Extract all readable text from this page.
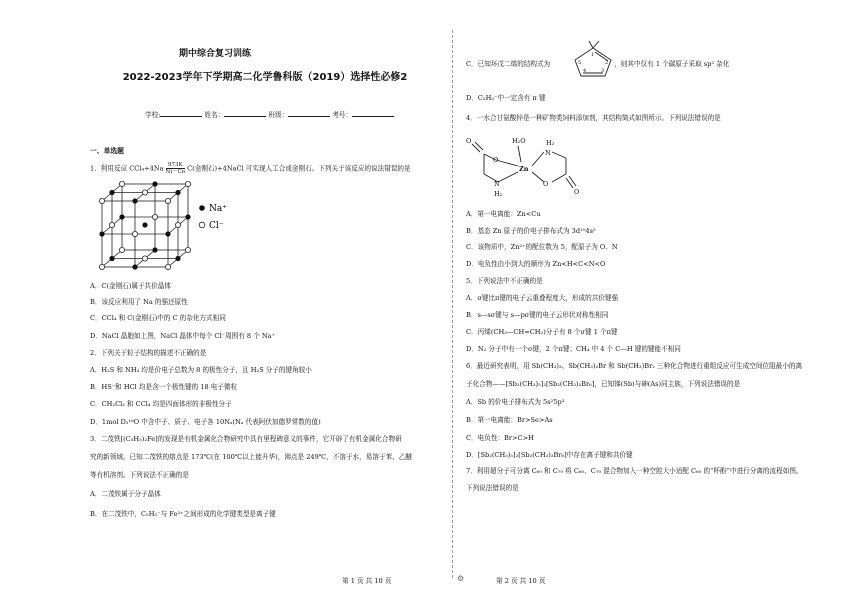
期中综合复习训练
2022-2023学年下学期高二化学鲁科版（2019）选择性必修2
学校:	姓名：	班级：	考号：
一、单选题
1．利用反应 $CCl_4+4Na \frac{973K}{Ni-Co} C$(金刚石)+4NaCl 可实现人工合成金刚石。下列关于该反应的说法错误的是
Na⁺
Cl⁻
A．C(金刚石)属于共价晶体
B．该反应利用了 Na 的强还原性
C．CCl₄ 和 C(金刚石)中的 C 的杂化方式相同
D．NaCl 晶胞如上图，NaCl 晶体中每个 Cl⁻周围有 8 个 Na⁺
2．下列关于粒子结构的描述不正确的是
A．H₂S 和 NH₃ 均是价电子总数为 8 的极性分子，且 H₂S 分子的键角较小
B．HS⁻和 HCl 均是含一个极性键的 18 电子微粒
C．CH₂Cl₂ 和 CCl₄ 均是四面体形的非极性分子
D．1mol D₂¹⁶O 中含中子、质子、电子各 10Nₐ(Nₐ 代表阿伏加德罗常数的值)
3．二茂铁[(C₅H₅)₂Fe]的发现是有机金属化合物研究中具有里程碑意义的事件，它开辟了有机金属化合物研
究的新领域。已知二茂铁的熔点是 173℃(在 100℃以上能升华)，沸点是 249℃，不溶于水，易溶于苯、乙醚
等有机溶剂。下列说法不正确的是
A．二茂铁属于分子晶体
B．在二茂铁中，C₅H₅⁻与 Fe²⁺之间形成的化学键类型是离子键
C．已知环戊二烯的结构式为	，则其中仅有 1 个碳原子采取 sp³ 杂化
1
2
3
4
5
D．C₅H₅⁻中一定含有 π 键
4．一水合甘氨酸锌是一种矿物类饲料添加剂，其结构简式如图所示。下列说法错误的是
H₂O	H₂
Zn
N
N
H₂
O
O
O
O
A．第一电离能：Zn<Cu
B．基态 Zn 原子的价电子排布式为 3d¹⁰4s²
C．该物质中，Zn²⁺的配位数为 5，配原子为 O、N
D．电负性由小到大的顺序为 Zn<H<C<N<O
5．下列说法中不正确的是
A．σ键比π键的电子云重叠程度大，形成的共价键强
B．s—sσ键与 s—pσ键的电子云形状对称性相同
C．丙烯(CH₃—CH=CH₂)分子有 8 个σ键 1 个π键
D．N₂ 分子中有一个σ键，2 个π键；CH₄ 中 4 个 C—H 键的键能不相同
6．最近研究表明，用 Sb(CH₃)₃、Sb(CH₃)₂Br 和 Sb(CH₃)Br₂ 三种化合物进行重组反应可生成空间位阻最小的离
子化合物——[Sb₂(CH₃)₅]₂[Sb₂(CH₃)₂Br₆]，已知锑(Sb)与砷(As)同主族，下列说法错误的是
A．Sb 的价电子排布式为 5s²5p³
B．第一电离能：Br>Se>As
C．电负性：Br>C>H
D．[Sb₂(CH₃)₅]₂[Sb₂(CH₃)₂Br₆]中存在离子键和共价键
7．利用超分子可分离 C₆₀ 和 C₇₀ 将 C₆₀、C₇₀ 混合物加入一种空腔大小适配 C₆₀ 的“杯酚”中进行分离的流程如图。
下列说法错误的是
第 1 页 共 10 页	⚙	第 2 页 共 10 页
